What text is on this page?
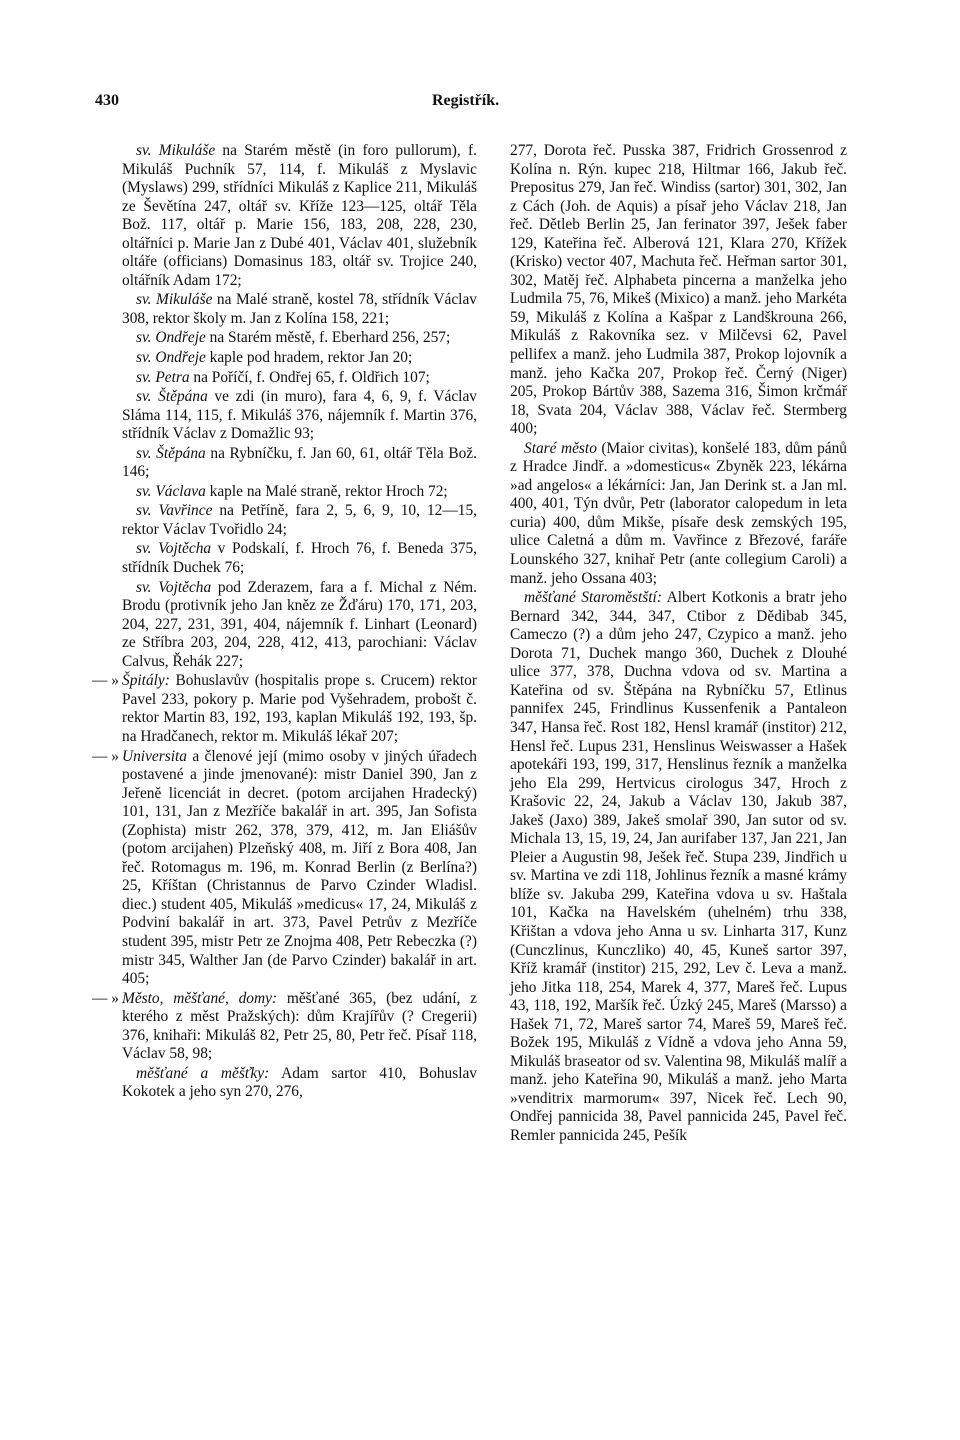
430	Registřík.

sv. Mikuláše na Starém městě (in foro pullorum), f. Mikuláš Puchník 57, 114, f. Mikuláš z Myslavic (Myslaws) 299, střídníci Mikuláš z Kaplice 211, Mikuláš ze Ševětína 247, oltář sv. Kříže 123—125, oltář Těla Bož. 117, oltář p. Marie 156, 183, 208, 228, 230, oltářníci p. Marie Jan z Dubé 401, Václav 401, služebník oltáře (officians) Domasinus 183, oltář sv. Trojice 240, oltářník Adam 172;

sv. Mikuláše na Malé straně, kostel 78, střídník Václav 308, rektor školy m. Jan z Kolína 158, 221;

sv. Ondřeje na Starém městě, f. Eberhard 256, 257;

sv. Ondřeje kaple pod hradem, rektor Jan 20;

sv. Petra na Poříčí, f. Ondřej 65, f. Oldřich 107;

sv. Štěpána ve zdi (in muro), fara 4, 6, 9, f. Václav Sláma 114, 115, f. Mikuláš 376, nájemník f. Martin 376, střídník Václav z Domažlic 93;

sv. Štěpána na Rybníčku, f. Jan 60, 61, oltář Těla Bož. 146;

sv. Václava kaple na Malé straně, rektor Hroch 72;

sv. Vavřince na Petříně, fara 2, 5, 6, 9, 10, 12—15, rektor Václav Tvořidlo 24;

sv. Vojtěcha v Podskalí, f. Hroch 76, f. Beneda 375, střídník Duchek 76;

sv. Vojtěcha pod Zderazem, fara a f. Michal z Ném. Brodu (protivník jeho Jan kněz ze Žďáru) 170, 171, 203, 204, 227, 231, 391, 404, nájemník f. Linhart (Leonard) ze Stříbra 203, 204, 228, 412, 413, parochiani: Václav Calvus, Řehák 227;

— » Špitály: Bohuslavův (hospitalis prope s. Crucem) rektor Pavel 233, pokory p. Marie pod Vyšehradem, probošt č. rektor Martin 83, 192, 193, kaplan Mikuláš 192, 193, šp. na Hradčanech, rektor m. Mikuláš lékař 207;

— » Universita a členové její (mimo osoby v jiných úřadech postavené a jinde jmenované): mistr Daniel 390, Jan z Jeřeně licenciát in decret. (potom arcijahen Hradecký) 101, 131, Jan z Mezříče bakalář in art. 395, Jan Sofista (Zophista) mistr 262, 378, 379, 412, m. Jan Eliášův (potom arcijahen) Plzeňský 408, m. Jiří z Bora 408, Jan řeč. Rotomagus m. 196, m. Konrad Berlin (z Berlína?) 25, Kříštan (Christannus de Parvo Czinder Wladisl. diec.) student 405, Mikuláš »medicus« 17, 24, Mikuláš z Podviní bakalář in art. 373, Pavel Petrův z Mezříče student 395, mistr Petr ze Znojma 408, Petr Rebeczka (?) mistr 345, Walther Jan (de Parvo Czinder) bakalář in art. 405;

— » Město, měšťané, domy: měšťané 365, (bez udání, z kterého z měst Pražských): dům Krajířův (? Cregerii) 376, knihaři: Mikuláš 82, Petr 25, 80, Petr řeč. Písař 118, Václav 58, 98;

měšťané a měšťky: Adam sartor 410, Bohuslav Kokotek a jeho syn 270, 276,

277, Dorota řeč. Pusska 387, Fridrich Grossenrod z Kolína n. Rýn. kupec 218, Hiltmar 166, Jakub řeč. Prepositus 279, Jan řeč. Windiss (sartor) 301, 302, Jan z Cách (Joh. de Aquis) a písař jeho Václav 218, Jan řeč. Dětleb Berlin 25, Jan ferinator 397, Ješek faber 129, Kateřina řeč. Alberová 121, Klara 270, Křížek (Krisko) vector 407, Machuta řeč. Heřman sartor 301, 302, Matěj řeč. Alphabeta pincerna a manželka jeho Ludmila 75, 76, Mikeš (Mixico) a manž. jeho Markéta 59, Mikuláš z Kolína a Kašpar z Landškrouna 266, Mikuláš z Rakovníka sez. v Milčevsi 62, Pavel pellifex a manž. jeho Ludmila 387, Prokop lojovník a manž. jeho Kačka 207, Prokop řeč. Černý (Niger) 205, Prokop Bártův 388, Sazema 316, Šimon krčmář 18, Svata 204, Václav 388, Václav řeč. Stermberg 400;

Staré město (Maior civitas), konšelé 183, dům pánů z Hradce Jindř. a »domesticus« Zbyněk 223, lékárna »ad angelos« a lékárníci: Jan, Jan Derink st. a Jan ml. 400, 401, Týn dvůr, Petr (laborator calopedum in leta curia) 400, dům Mikše, písaře desk zemských 195, ulice Caletná a dům m. Vavřince z Březové, faráře Lounského 327, knihař Petr (ante collegium Caroli) a manž. jeho Ossana 403;

měšťané Staroměstští: Albert Kotkonis a bratr jeho Bernard 342, 344, 347, Ctibor z Dědibab 345, Cameczo (?) a dům jeho 247, Czypico a manž. jeho Dorota 71, Duchek mango 360, Duchek z Dlouhé ulice 377, 378, Duchna vdova od sv. Martina a Kateřina od sv. Štěpána na Rybníčku 57, Etlinus pannifex 245, Frindlinus Kussenfenik a Pantaleon 347, Hansa řeč. Rost 182, Hensl kramář (institor) 212, Hensl řeč. Lupus 231, Henslinus Weiswasser a Hašek apotekáři 193, 199, 317, Henslinus řezník a manželka jeho Ela 299, Hertvicus cirologus 347, Hroch z Krašovic 22, 24, Jakub a Václav 130, Jakub 387, Jakeš (Jaxo) 389, Jakeš smolař 390, Jan sutor od sv. Michala 13, 15, 19, 24, Jan aurifaber 137, Jan 221, Jan Pleier a Augustin 98, Ješek řeč. Stupa 239, Jindřich u sv. Martina ve zdi 118, Johlinus řezník a masné krámy blíže sv. Jakuba 299, Kateřina vdova u sv. Haštala 101, Kačka na Havelském (uhelném) trhu 338, Křištan a vdova jeho Anna u sv. Linharta 317, Kunz (Cunczlinus, Kunczliko) 40, 45, Kuneš sartor 397, Kříž kramář (institor) 215, 292, Lev č. Leva a manž. jeho Jitka 118, 254, Marek 4, 377, Mareš řeč. Lupus 43, 118, 192, Maršík řeč. Úzký 245, Mareš (Marsso) a Hašek 71, 72, Mareš sartor 74, Mareš 59, Mareš řeč. Božek 195, Mikuláš z Vídně a vdova jeho Anna 59, Mikuláš braseator od sv. Valentina 98, Mikuláš malíř a manž. jeho Kateřina 90, Mikuláš a manž. jeho Marta »venditrix marmorum« 397, Nicek řeč. Lech 90, Ondřej pannicida 38, Pavel pannicida 245, Pavel řeč. Remler pannicida 245, Pešík
